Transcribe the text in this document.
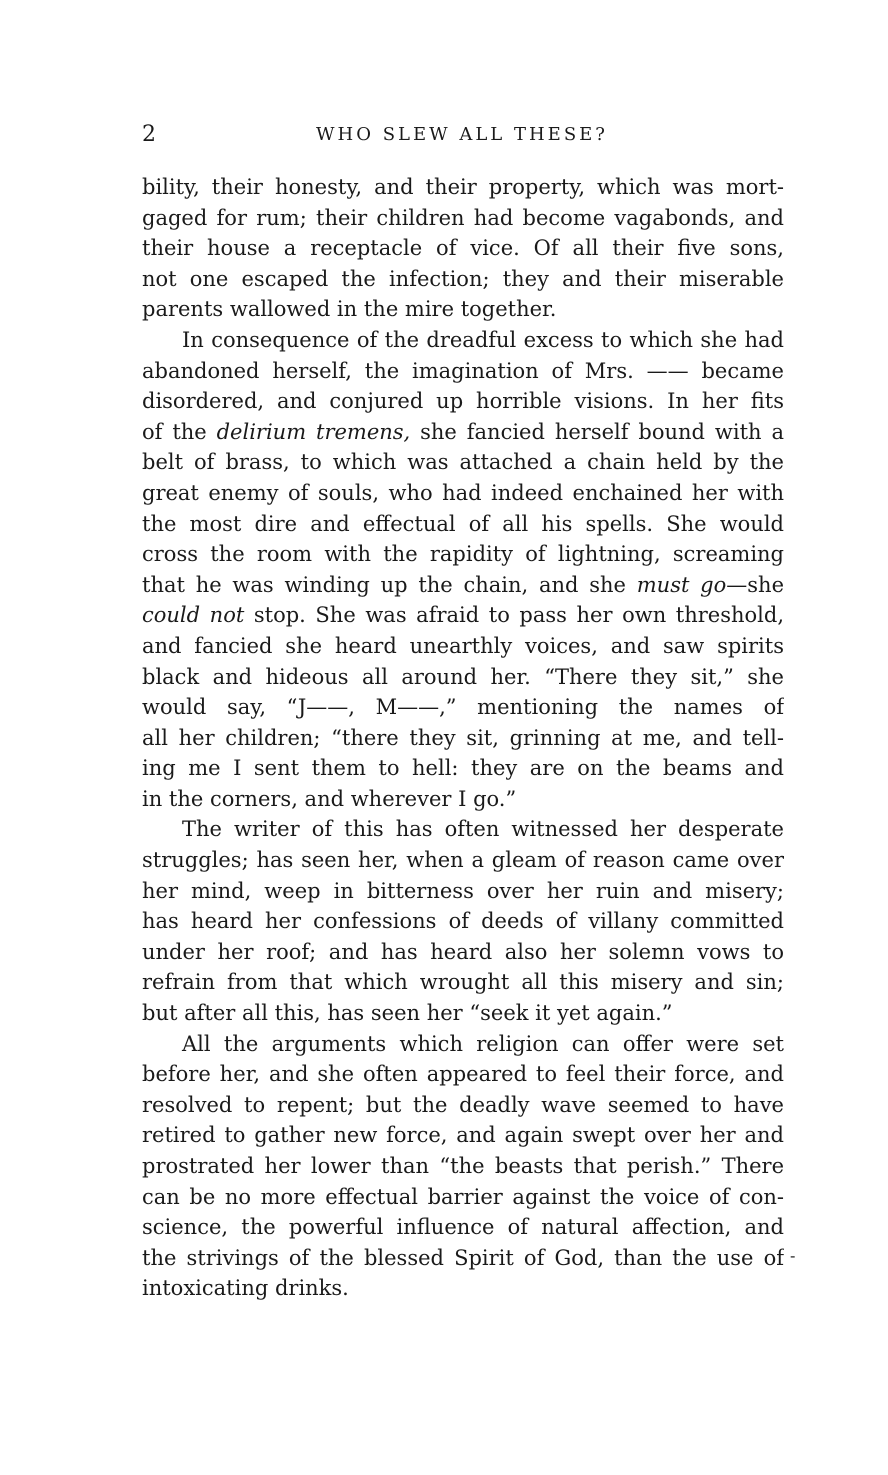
2	WHO SLEW ALL THESE?
bility, their honesty, and their property, which was mort-
gaged for rum; their children had become vagabonds, and
their house a receptacle of vice. Of all their five sons,
not one escaped the infection; they and their miserable
parents wallowed in the mire together.
In consequence of the dreadful excess to which she had
abandoned herself, the imagination of Mrs. —— became
disordered, and conjured up horrible visions. In her fits
of the delirium tremens, she fancied herself bound with a
belt of brass, to which was attached a chain held by the
great enemy of souls, who had indeed enchained her with
the most dire and effectual of all his spells. She would
cross the room with the rapidity of lightning, screaming
that he was winding up the chain, and she must go—she
could not stop. She was afraid to pass her own threshold,
and fancied she heard unearthly voices, and saw spirits
black and hideous all around her. “There they sit,” she
would say, “J——, M——,” mentioning the names of
all her children; “there they sit, grinning at me, and tell-
ing me I sent them to hell: they are on the beams and
in the corners, and wherever I go.”
The writer of this has often witnessed her desperate
struggles; has seen her, when a gleam of reason came over
her mind, weep in bitterness over her ruin and misery;
has heard her confessions of deeds of villany committed
under her roof; and has heard also her solemn vows to
refrain from that which wrought all this misery and sin;
but after all this, has seen her “seek it yet again.”
All the arguments which religion can offer were set
before her, and she often appeared to feel their force, and
resolved to repent; but the deadly wave seemed to have
retired to gather new force, and again swept over her and
prostrated her lower than “the beasts that perish.” There
can be no more effectual barrier against the voice of con-
science, the powerful influence of natural affection, and
the strivings of the blessed Spirit of God, than the use of
intoxicating drinks.
-
